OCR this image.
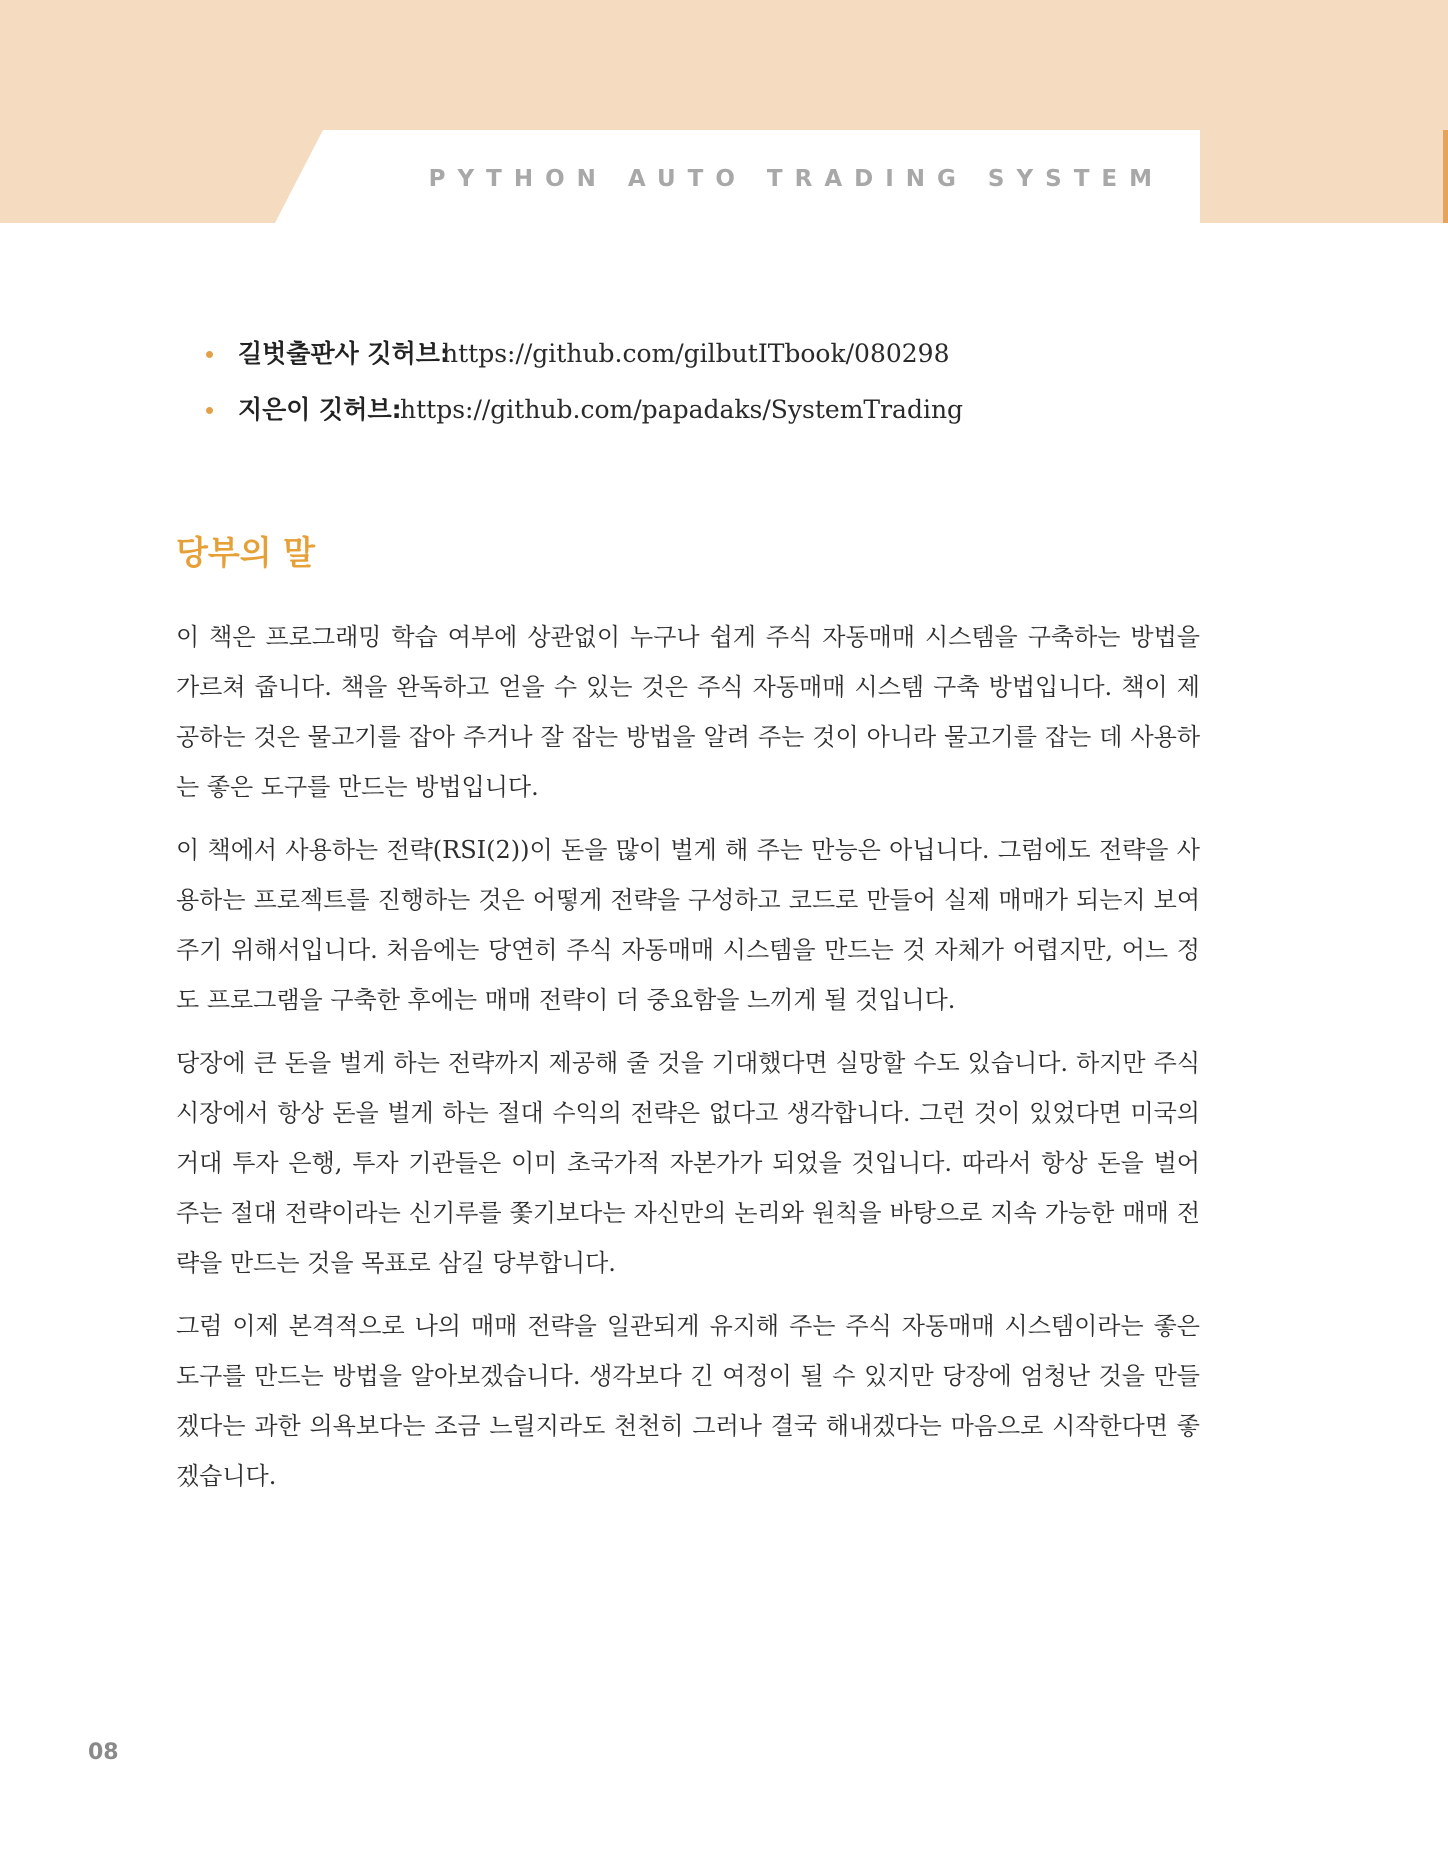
PYTHON AUTO TRADING SYSTEM
길벗출판사 깃허브:
https://github.com/gilbutITbook/080298
지은이 깃허브:
https://github.com/papadaks/SystemTrading
당부의 말

이 책은 프로그래밍 학습 여부에 상관없이 누구나 쉽게 주식 자동매매 시스템을 구축하는 방법을 가르쳐 줍니다. 책을 완독하고 얻을 수 있는 것은 주식 자동매매 시스템 구축 방법입니다. 책이 제공하는 것은 물고기를 잡아 주거나 잘 잡는 방법을 알려 주는 것이 아니라 물고기를 잡는 데 사용하는 좋은 도구를 만드는 방법입니다.

이 책에서 사용하는 전략(RSI(2))이 돈을 많이 벌게 해 주는 만능은 아닙니다. 그럼에도 전략을 사용하는 프로젝트를 진행하는 것은 어떻게 전략을 구성하고 코드로 만들어 실제 매매가 되는지 보여 주기 위해서입니다. 처음에는 당연히 주식 자동매매 시스템을 만드는 것 자체가 어렵지만, 어느 정도 프로그램을 구축한 후에는 매매 전략이 더 중요함을 느끼게 될 것입니다.

당장에 큰 돈을 벌게 하는 전략까지 제공해 줄 것을 기대했다면 실망할 수도 있습니다. 하지만 주식 시장에서 항상 돈을 벌게 하는 절대 수익의 전략은 없다고 생각합니다. 그런 것이 있었다면 미국의 거대 투자 은행, 투자 기관들은 이미 초국가적 자본가가 되었을 것입니다. 따라서 항상 돈을 벌어 주는 절대 전략이라는 신기루를 쫓기보다는 자신만의 논리와 원칙을 바탕으로 지속 가능한 매매 전략을 만드는 것을 목표로 삼길 당부합니다.

그럼 이제 본격적으로 나의 매매 전략을 일관되게 유지해 주는 주식 자동매매 시스템이라는 좋은 도구를 만드는 방법을 알아보겠습니다. 생각보다 긴 여정이 될 수 있지만 당장에 엄청난 것을 만들겠다는 과한 의욕보다는 조금 느릴지라도 천천히 그러나 결국 해내겠다는 마음으로 시작한다면 좋겠습니다.

08
